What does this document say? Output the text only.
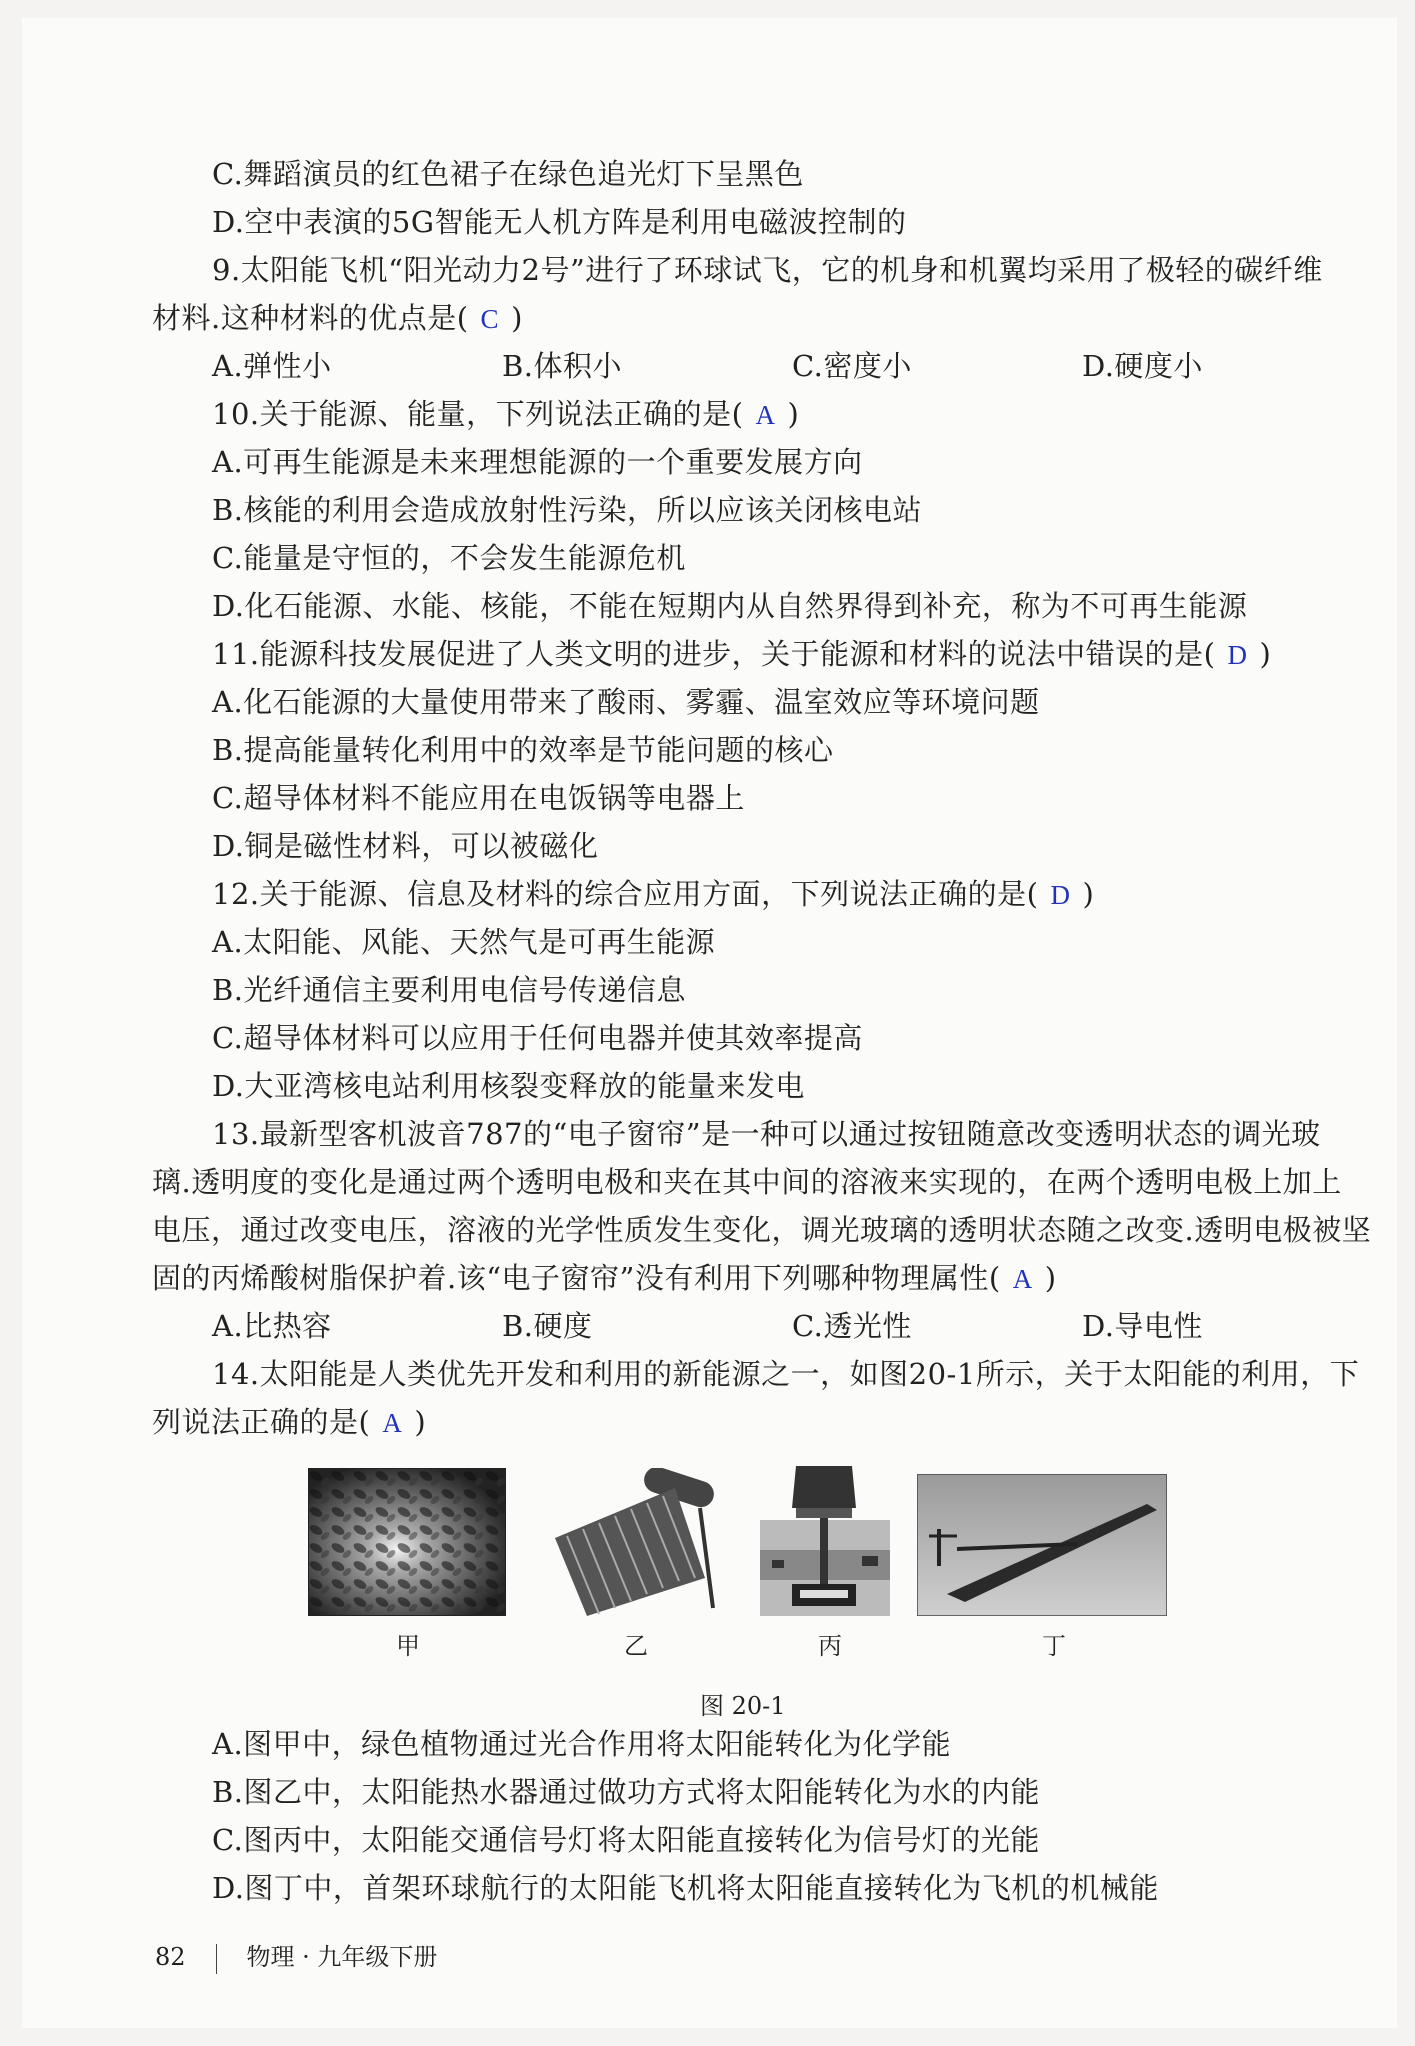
C.舞蹈演员的红色裙子在绿色追光灯下呈黑色
D.空中表演的5G智能无人机方阵是利用电磁波控制的
9.太阳能飞机“阳光动力2号”进行了环球试飞，它的机身和机翼均采用了极轻的碳纤维
材料.这种材料的优点是( C )
A.弹性小	B.体积小	C.密度小	D.硬度小
10.关于能源、能量，下列说法正确的是( A )
A.可再生能源是未来理想能源的一个重要发展方向
B.核能的利用会造成放射性污染，所以应该关闭核电站
C.能量是守恒的，不会发生能源危机
D.化石能源、水能、核能，不能在短期内从自然界得到补充，称为不可再生能源
11.能源科技发展促进了人类文明的进步，关于能源和材料的说法中错误的是( D )
A.化石能源的大量使用带来了酸雨、雾霾、温室效应等环境问题
B.提高能量转化利用中的效率是节能问题的核心
C.超导体材料不能应用在电饭锅等电器上
D.铜是磁性材料，可以被磁化
12.关于能源、信息及材料的综合应用方面，下列说法正确的是( D )
A.太阳能、风能、天然气是可再生能源
B.光纤通信主要利用电信号传递信息
C.超导体材料可以应用于任何电器并使其效率提高
D.大亚湾核电站利用核裂变释放的能量来发电
13.最新型客机波音787的“电子窗帘”是一种可以通过按钮随意改变透明状态的调光玻
璃.透明度的变化是通过两个透明电极和夹在其中间的溶液来实现的，在两个透明电极上加上
电压，通过改变电压，溶液的光学性质发生变化，调光玻璃的透明状态随之改变.透明电极被坚
固的丙烯酸树脂保护着.该“电子窗帘”没有利用下列哪种物理属性( A )
A.比热容	B.硬度	C.透光性	D.导电性
14.太阳能是人类优先开发和利用的新能源之一，如图20-1所示，关于太阳能的利用，下
列说法正确的是( A )
甲	乙	丙	丁
图 20-1
A.图甲中，绿色植物通过光合作用将太阳能转化为化学能
B.图乙中，太阳能热水器通过做功方式将太阳能转化为水的内能
C.图丙中，太阳能交通信号灯将太阳能直接转化为信号灯的光能
D.图丁中，首架环球航行的太阳能飞机将太阳能直接转化为飞机的机械能
82	物理 · 九年级下册
